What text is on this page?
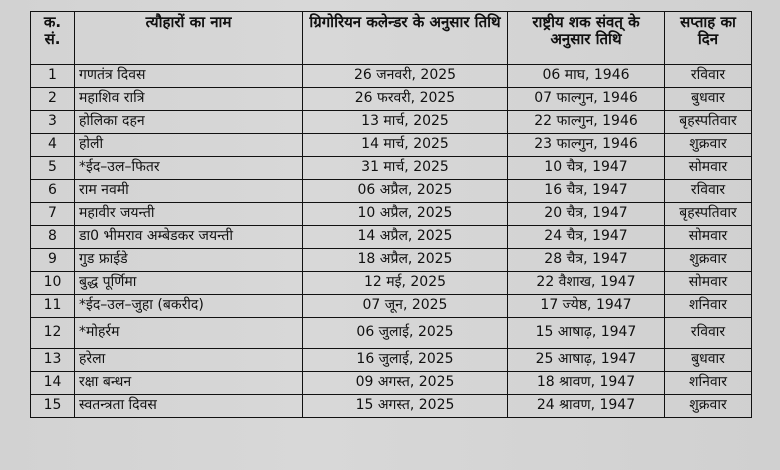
क. सं.	त्यौहारों का नाम	ग्रिगोरियन कलेन्डर के अनुसार तिथि	राष्ट्रीय शक संवत् के अनुसार तिथि	सप्ताह का दिन
1	गणतंत्र दिवस	26 जनवरी, 2025	06 माघ, 1946	रविवार
2	महाशिव रात्रि	26 फरवरी, 2025	07 फाल्गुन, 1946	बुधवार
3	होलिका दहन	13 मार्च, 2025	22 फाल्गुन, 1946	बृहस्पतिवार
4	होली	14 मार्च, 2025	23 फाल्गुन, 1946	शुक्रवार
5	*ईद–उल–फितर	31 मार्च, 2025	10 चैत्र, 1947	सोमवार
6	राम नवमी	06 अप्रैल, 2025	16 चैत्र, 1947	रविवार
7	महावीर जयन्ती	10 अप्रैल, 2025	20 चैत्र, 1947	बृहस्पतिवार
8	डा0 भीमराव अम्बेडकर जयन्ती	14 अप्रैल, 2025	24 चैत्र, 1947	सोमवार
9	गुड फ्राईडे	18 अप्रैल, 2025	28 चैत्र, 1947	शुक्रवार
10	बुद्ध पूर्णिमा	12 मई, 2025	22 वैशाख, 1947	सोमवार
11	*ईद–उल–जुहा (बकरीद)	07 जून, 2025	17 ज्येष्ठ, 1947	शनिवार
12	*मोहर्रम	06 जुलाई, 2025	15 आषाढ़, 1947	रविवार
13	हरेला	16 जुलाई, 2025	25 आषाढ़, 1947	बुधवार
14	रक्षा बन्धन	09 अगस्त, 2025	18 श्रावण, 1947	शनिवार
15	स्वतन्त्रता दिवस	15 अगस्त, 2025	24 श्रावण, 1947	शुक्रवार
